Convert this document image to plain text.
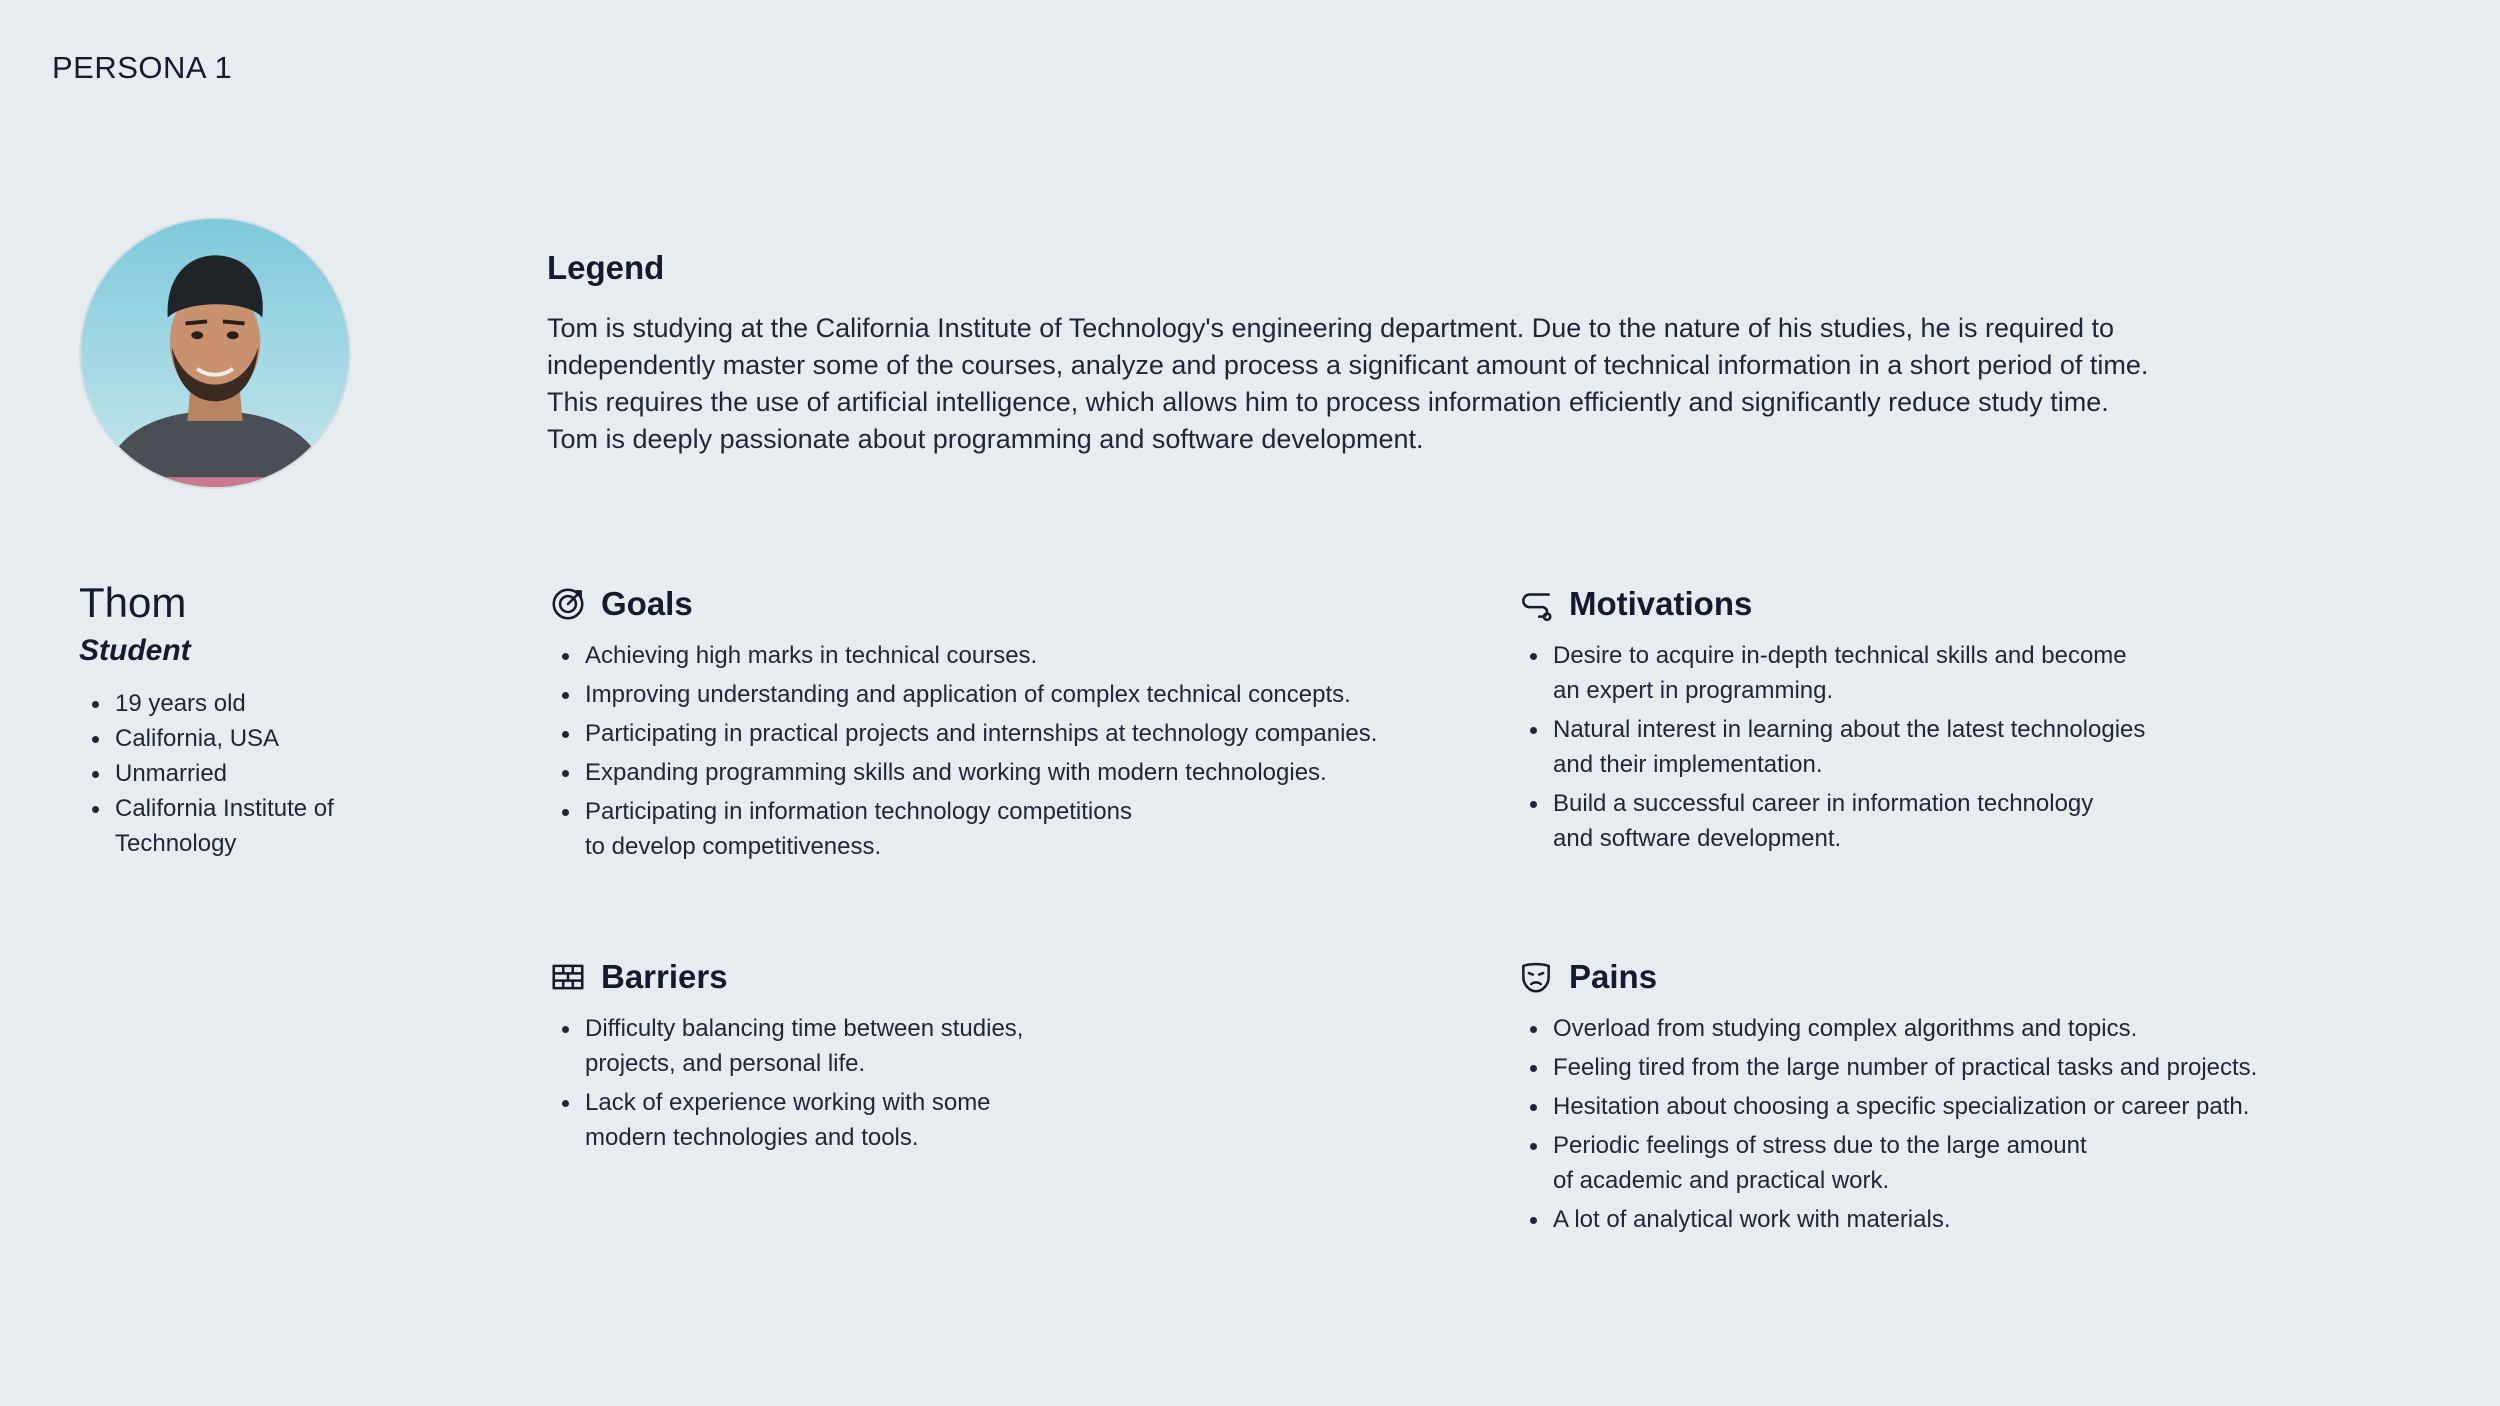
PERSONA 1
Legend
Tom is studying at the California Institute of Technology's engineering department. Due to the nature of his studies, he is required to
independently master some of the courses, analyze and process a significant amount of technical information in a short period of time.
This requires the use of artificial intelligence, which allows him to process information efficiently and significantly reduce study time.
Tom is deeply passionate about programming and software development.
Thom
Student
19 years old
California, USA
Unmarried
California Institute of
Technology
Goals
Achieving high marks in technical courses.
Improving understanding and application of complex technical concepts.
Participating in practical projects and internships at technology companies.
Expanding programming skills and working with modern technologies.
Participating in information technology competitions
to develop competitiveness.
Motivations
Desire to acquire in-depth technical skills and become
an expert in programming.
Natural interest in learning about the latest technologies
and their implementation.
Build a successful career in information technology
and software development.
Barriers
Difficulty balancing time between studies,
projects, and personal life.
Lack of experience working with some
modern technologies and tools.
Pains
Overload from studying complex algorithms and topics.
Feeling tired from the large number of practical tasks and projects.
Hesitation about choosing a specific specialization or career path.
Periodic feelings of stress due to the large amount
of academic and practical work.
A lot of analytical work with materials.
